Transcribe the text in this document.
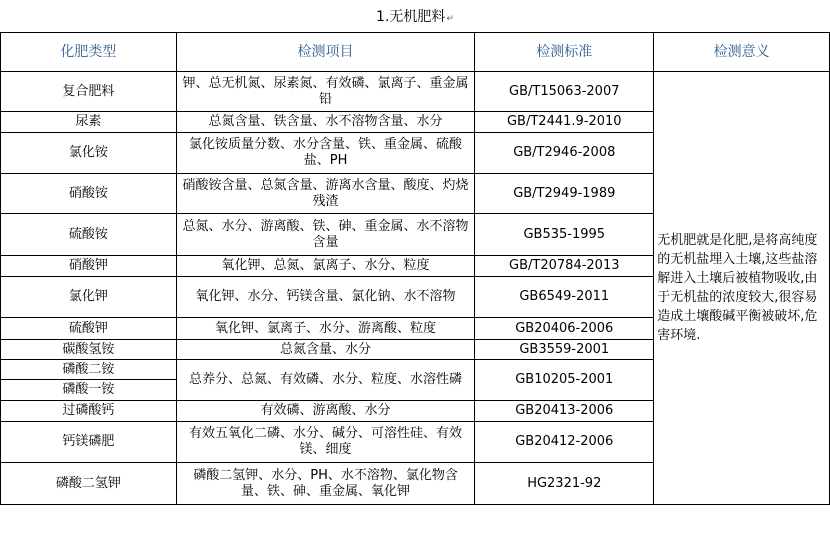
1.无机肥料↵
化肥类型	检测项目	检测标准	检测意义
复合肥料	钾、总无机氮、尿素氮、有效磷、氯离子、重金属铅	GB/T15063-2007	无机肥就是化肥,是将高纯度的无机盐埋入土壤,这些盐溶解进入土壤后被植物吸收,由于无机盐的浓度较大,很容易造成土壤酸碱平衡被破坏,危害环境.
尿素	总氮含量、铁含量、水不溶物含量、水分	GB/T2441.9-2010	
氯化铵	氯化铵质量分数、水分含量、铁、重金属、硫酸盐、PH	GB/T2946-2008	
硝酸铵	硝酸铵含量、总氮含量、游离水含量、酸度、灼烧残渣	GB/T2949-1989	
硫酸铵	总氮、水分、游离酸、铁、砷、重金属、水不溶物含量	GB535-1995	
硝酸钾	氧化钾、总氮、氯离子、水分、粒度	GB/T20784-2013	
氯化钾	氧化钾、水分、钙镁含量、氯化钠、水不溶物	GB6549-2011	
硫酸钾	氧化钾、氯离子、水分、游离酸、粒度	GB20406-2006	
碳酸氢铵	总氮含量、水分	GB3559-2001	
磷酸二铵	总养分、总氮、有效磷、水分、粒度、水溶性磷	GB10205-2001	
磷酸一铵			
过磷酸钙	有效磷、游离酸、水分	GB20413-2006	
钙镁磷肥	有效五氧化二磷、水分、碱分、可溶性硅、有效镁、细度	GB20412-2006	
磷酸二氢钾	磷酸二氢钾、水分、PH、水不溶物、氯化物含量、铁、砷、重金属、氧化钾	HG2321-92	
